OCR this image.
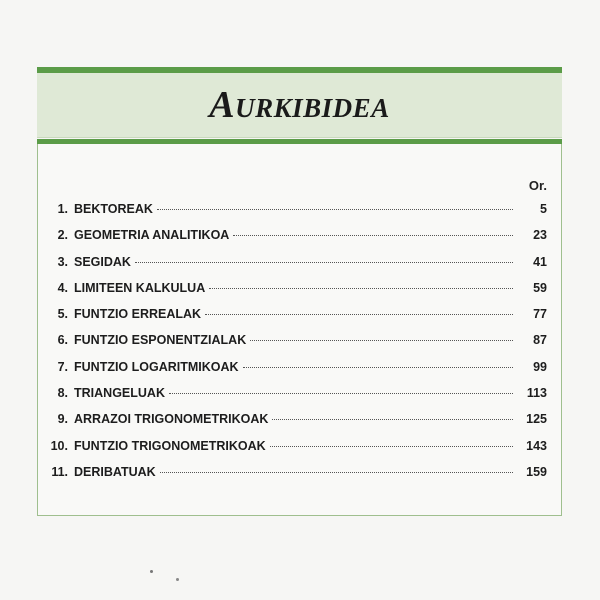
Aurkibidea
Or.
1. BEKTOREAK	5
2. GEOMETRIA ANALITIKOA	23
3. SEGIDAK	41
4. LIMITEEN KALKULUA	59
5. FUNTZIO ERREALAK	77
6. FUNTZIO ESPONENTZIALAK	87
7. FUNTZIO LOGARITMIKOAK	99
8. TRIANGELUAK	113
9. ARRAZOI TRIGONOMETRIKOAK	125
10. FUNTZIO TRIGONOMETRIKOAK	143
11. DERIBATUAK	159
